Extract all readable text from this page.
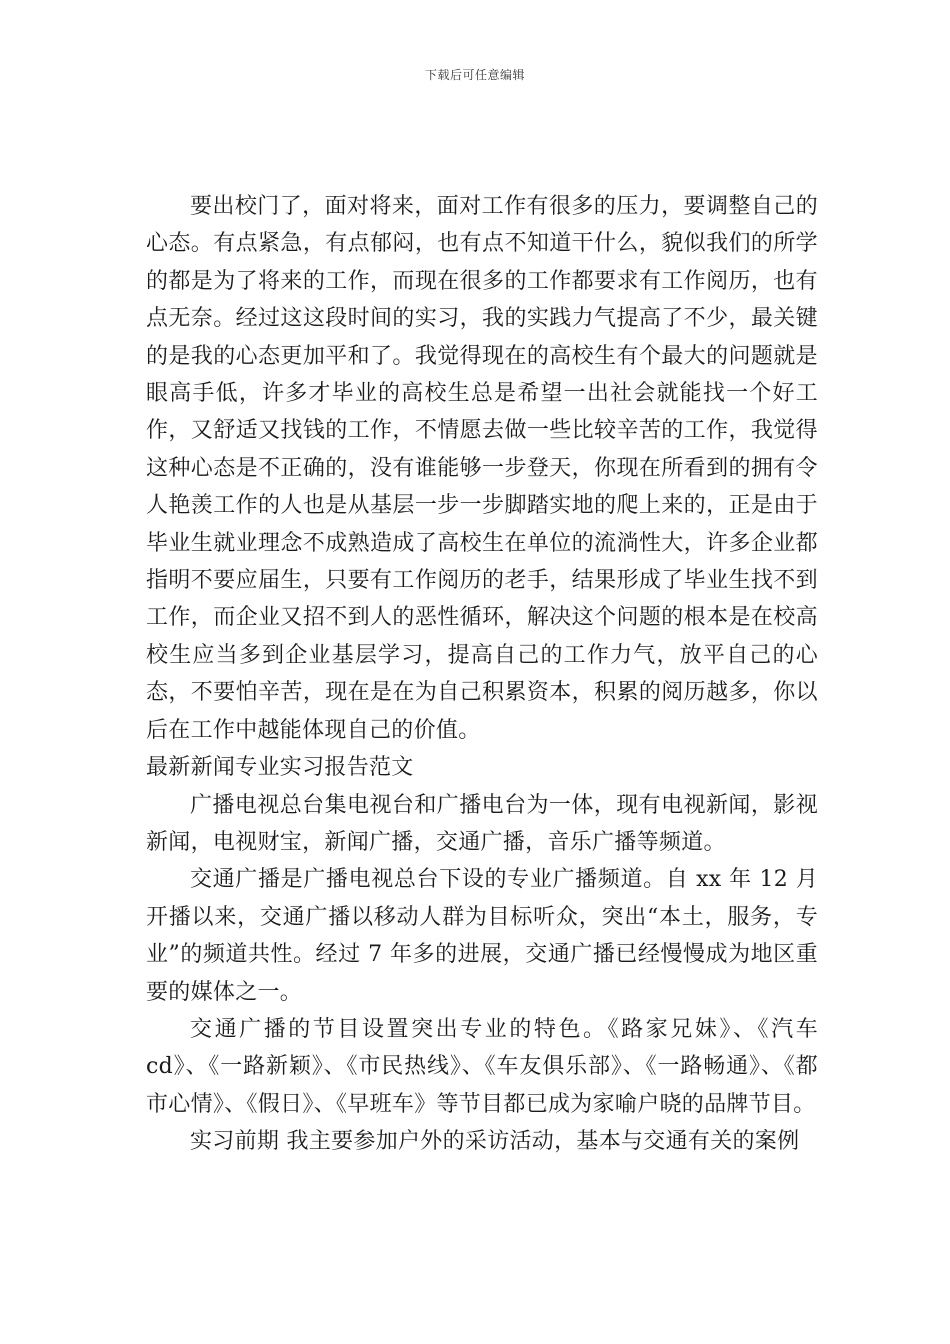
下载后可任意编辑

要出校门了，面对将来，面对工作有很多的压力，要调整自己的心态。有点紧急，有点郁闷，也有点不知道干什么，貌似我们的所学的都是为了将来的工作，而现在很多的工作都要求有工作阅历，也有点无奈。经过这这段时间的实习，我的实践力气提高了不少，最关键的是我的心态更加平和了。我觉得现在的高校生有个最大的问题就是眼高手低，许多才毕业的高校生总是希望一出社会就能找一个好工作，又舒适又找钱的工作，不情愿去做一些比较辛苦的工作，我觉得这种心态是不正确的，没有谁能够一步登天，你现在所看到的拥有令人艳羡工作的人也是从基层一步一步脚踏实地的爬上来的，正是由于毕业生就业理念不成熟造成了高校生在单位的流淌性大，许多企业都指明不要应届生，只要有工作阅历的老手，结果形成了毕业生找不到工作，而企业又招不到人的恶性循环，解决这个问题的根本是在校高校生应当多到企业基层学习，提高自己的工作力气，放平自己的心态，不要怕辛苦，现在是在为自己积累资本，积累的阅历越多，你以后在工作中越能体现自己的价值。

最新新闻专业实习报告范文

广播电视总台集电视台和广播电台为一体，现有电视新闻，影视新闻，电视财宝，新闻广播，交通广播，音乐广播等频道。

交通广播是广播电视总台下设的专业广播频道。自 xx 年 12 月开播以来，交通广播以移动人群为目标听众，突出“本土，服务，专业”的频道共性。经过 7 年多的进展，交通广播已经慢慢成为地区重要的媒体之一。

交通广播的节目设置突出专业的特色。《路家兄妹》、《汽车cd》、《一路新颖》、《市民热线》、《车友俱乐部》、《一路畅通》、《都市心情》、《假日》、《早班车》等节目都已成为家喻户晓的品牌节目。

实习前期 我主要参加户外的采访活动，基本与交通有关的案例
